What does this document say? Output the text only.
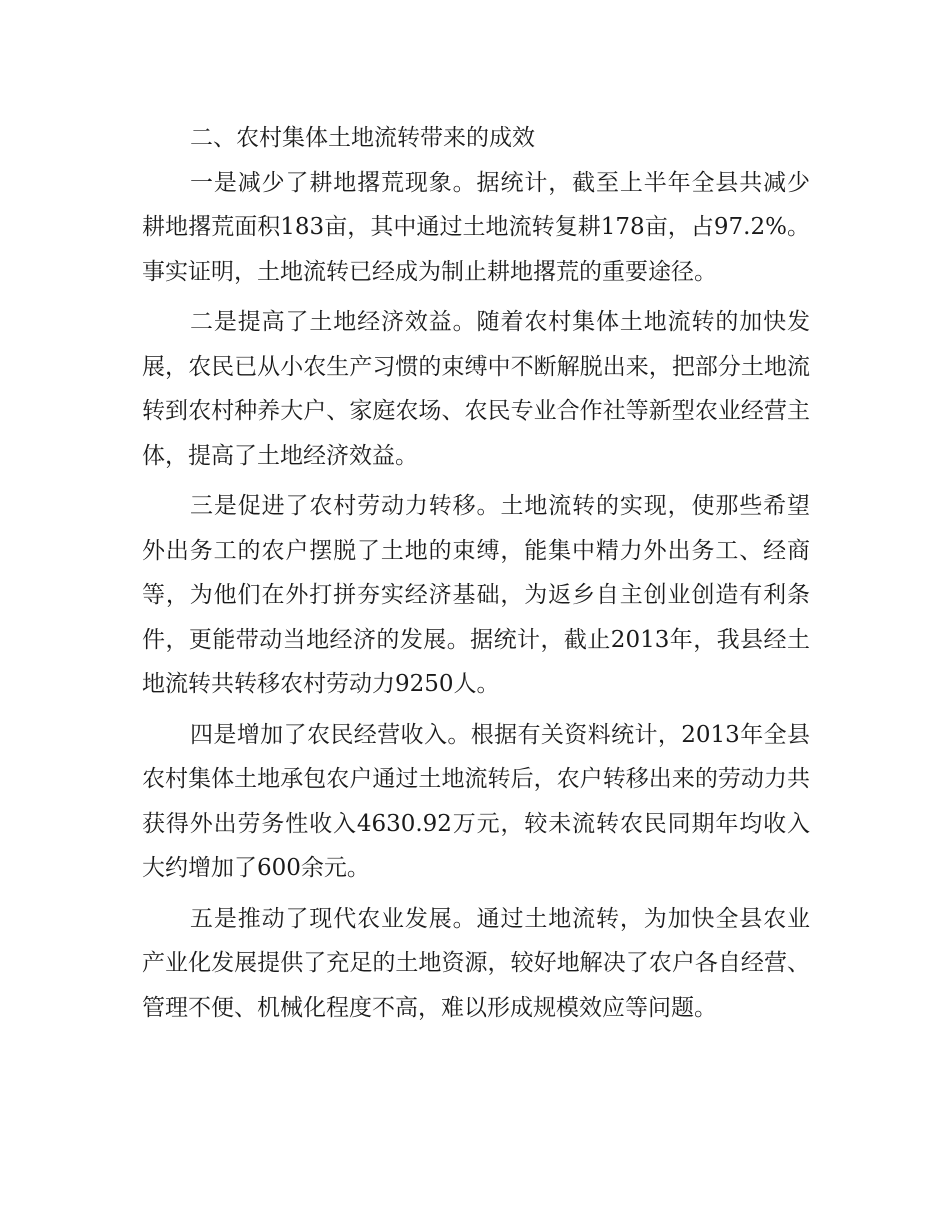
二、农村集体土地流转带来的成效

一是减少了耕地撂荒现象。据统计，截至上半年全县共减少耕地撂荒面积183亩，其中通过土地流转复耕178亩，占97.2%。事实证明，土地流转已经成为制止耕地撂荒的重要途径。

二是提高了土地经济效益。随着农村集体土地流转的加快发展，农民已从小农生产习惯的束缚中不断解脱出来，把部分土地流转到农村种养大户、家庭农场、农民专业合作社等新型农业经营主体，提高了土地经济效益。

三是促进了农村劳动力转移。土地流转的实现，使那些希望外出务工的农户摆脱了土地的束缚，能集中精力外出务工、经商等，为他们在外打拼夯实经济基础，为返乡自主创业创造有利条件，更能带动当地经济的发展。据统计，截止2013年，我县经土地流转共转移农村劳动力9250人。

四是增加了农民经营收入。根据有关资料统计，2013年全县农村集体土地承包农户通过土地流转后，农户转移出来的劳动力共获得外出劳务性收入4630.92万元，较未流转农民同期年均收入大约增加了600余元。

五是推动了现代农业发展。通过土地流转，为加快全县农业产业化发展提供了充足的土地资源，较好地解决了农户各自经营、管理不便、机械化程度不高，难以形成规模效应等问题。
